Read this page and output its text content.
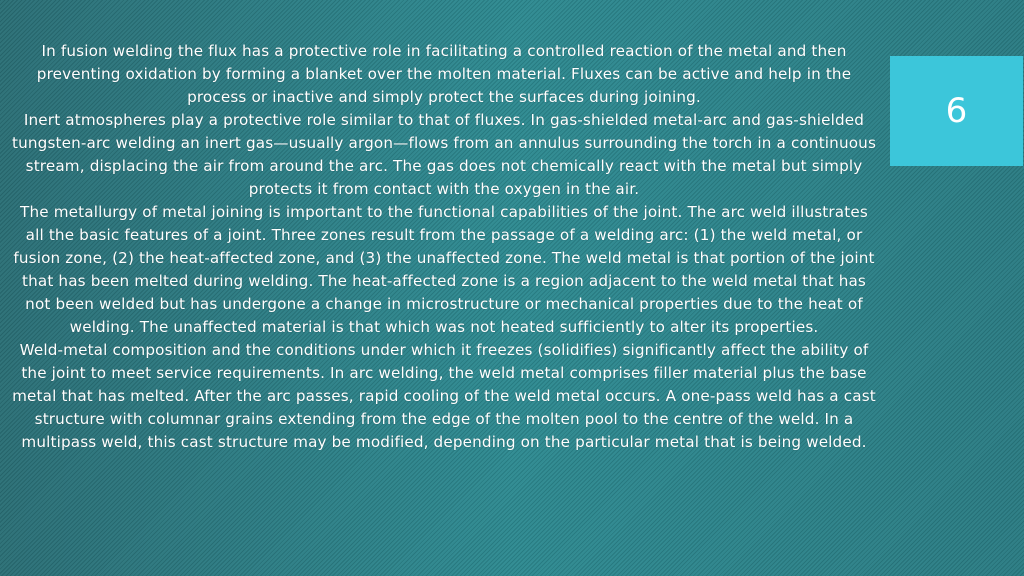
In fusion welding the flux has a protective role in facilitating a controlled reaction of the metal and then preventing oxidation by forming a blanket over the molten material. Fluxes can be active and help in the process or inactive and simply protect the surfaces during joining.

Inert atmospheres play a protective role similar to that of fluxes. In gas-shielded metal-arc and gas-shielded tungsten-arc welding an inert gas—usually argon—flows from an annulus surrounding the torch in a continuous stream, displacing the air from around the arc. The gas does not chemically react with the metal but simply protects it from contact with the oxygen in the air.

The metallurgy of metal joining is important to the functional capabilities of the joint. The arc weld illustrates all the basic features of a joint. Three zones result from the passage of a welding arc: (1) the weld metal, or fusion zone, (2) the heat-affected zone, and (3) the unaffected zone. The weld metal is that portion of the joint that has been melted during welding. The heat-affected zone is a region adjacent to the weld metal that has not been welded but has undergone a change in microstructure or mechanical properties due to the heat of welding. The unaffected material is that which was not heated sufficiently to alter its properties.

Weld-metal composition and the conditions under which it freezes (solidifies) significantly affect the ability of the joint to meet service requirements. In arc welding, the weld metal comprises filler material plus the base metal that has melted. After the arc passes, rapid cooling of the weld metal occurs. A one-pass weld has a cast structure with columnar grains extending from the edge of the molten pool to the centre of the weld. In a multipass weld, this cast structure may be modified, depending on the particular metal that is being welded.

6
